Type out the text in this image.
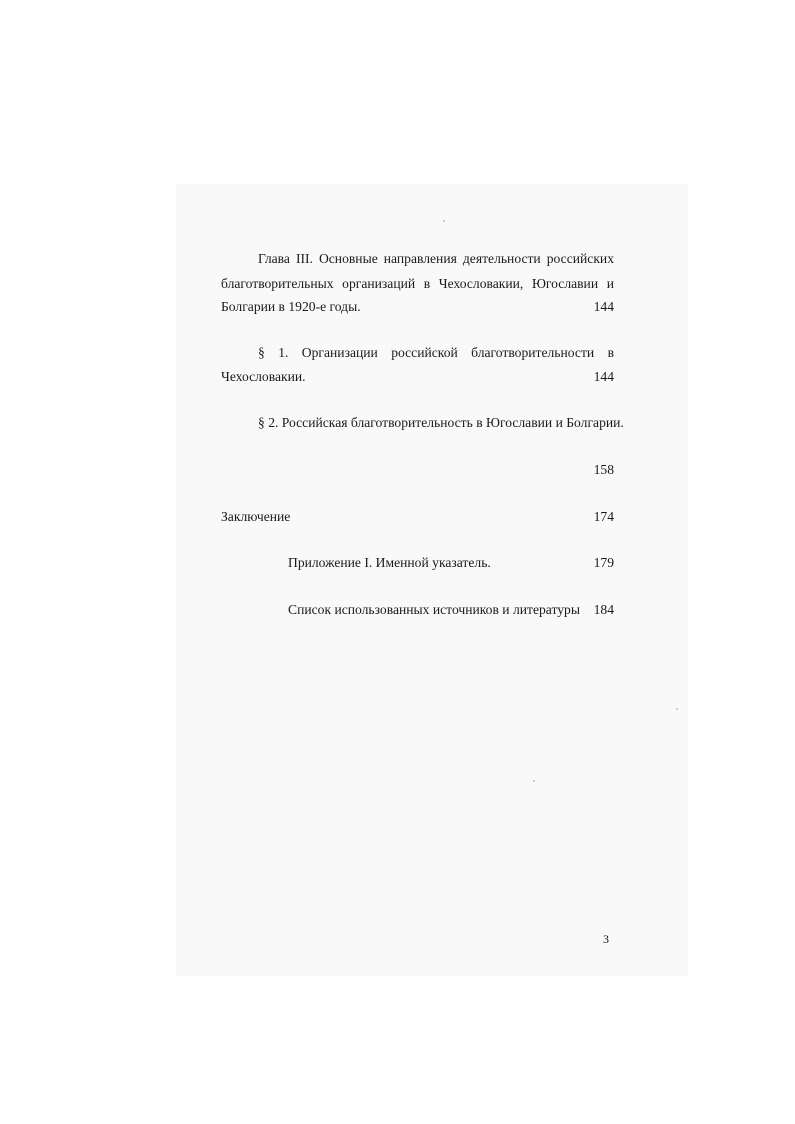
Глава III. Основные направления деятельности российских
благотворительных организаций в Чехословакии, Югославии и
Болгарии в 1920-е годы.	144
§ 1. Организации российской благотворительности в
Чехословакии.	144
§ 2. Российская благотворительность в Югославии и Болгарии.
158
Заключение	174
Приложение I. Именной указатель.	179
Список использованных источников и литературы 184
3
